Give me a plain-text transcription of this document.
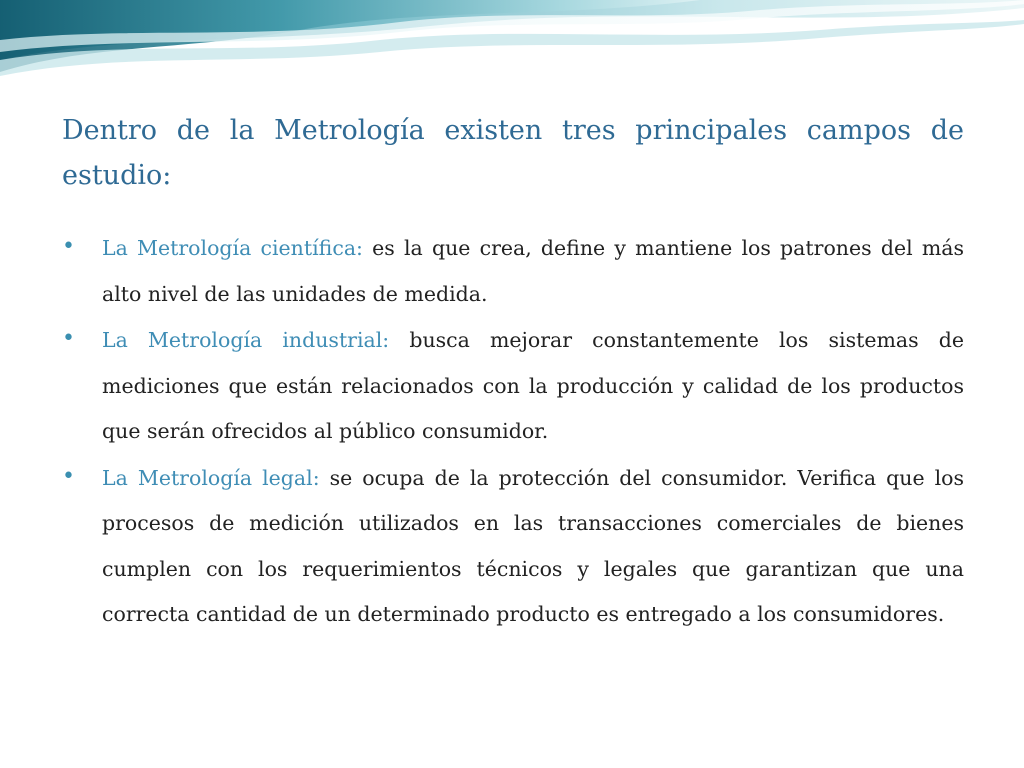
Dentro de la Metrología existen tres principales campos de estudio:
•	La Metrología científica: es la que crea, define y mantiene los patrones del más alto nivel de las unidades de medida.
•	La Metrología industrial: busca mejorar constantemente los sistemas de mediciones que están relacionados con la producción y calidad de los productos que serán ofrecidos al público consumidor.
•	La Metrología legal: se ocupa de la protección del consumidor. Verifica que los procesos de medición utilizados en las transacciones comerciales de bienes cumplen con los requerimientos técnicos y legales que garantizan que una correcta cantidad de un determinado producto es entregado a los consumidores.
